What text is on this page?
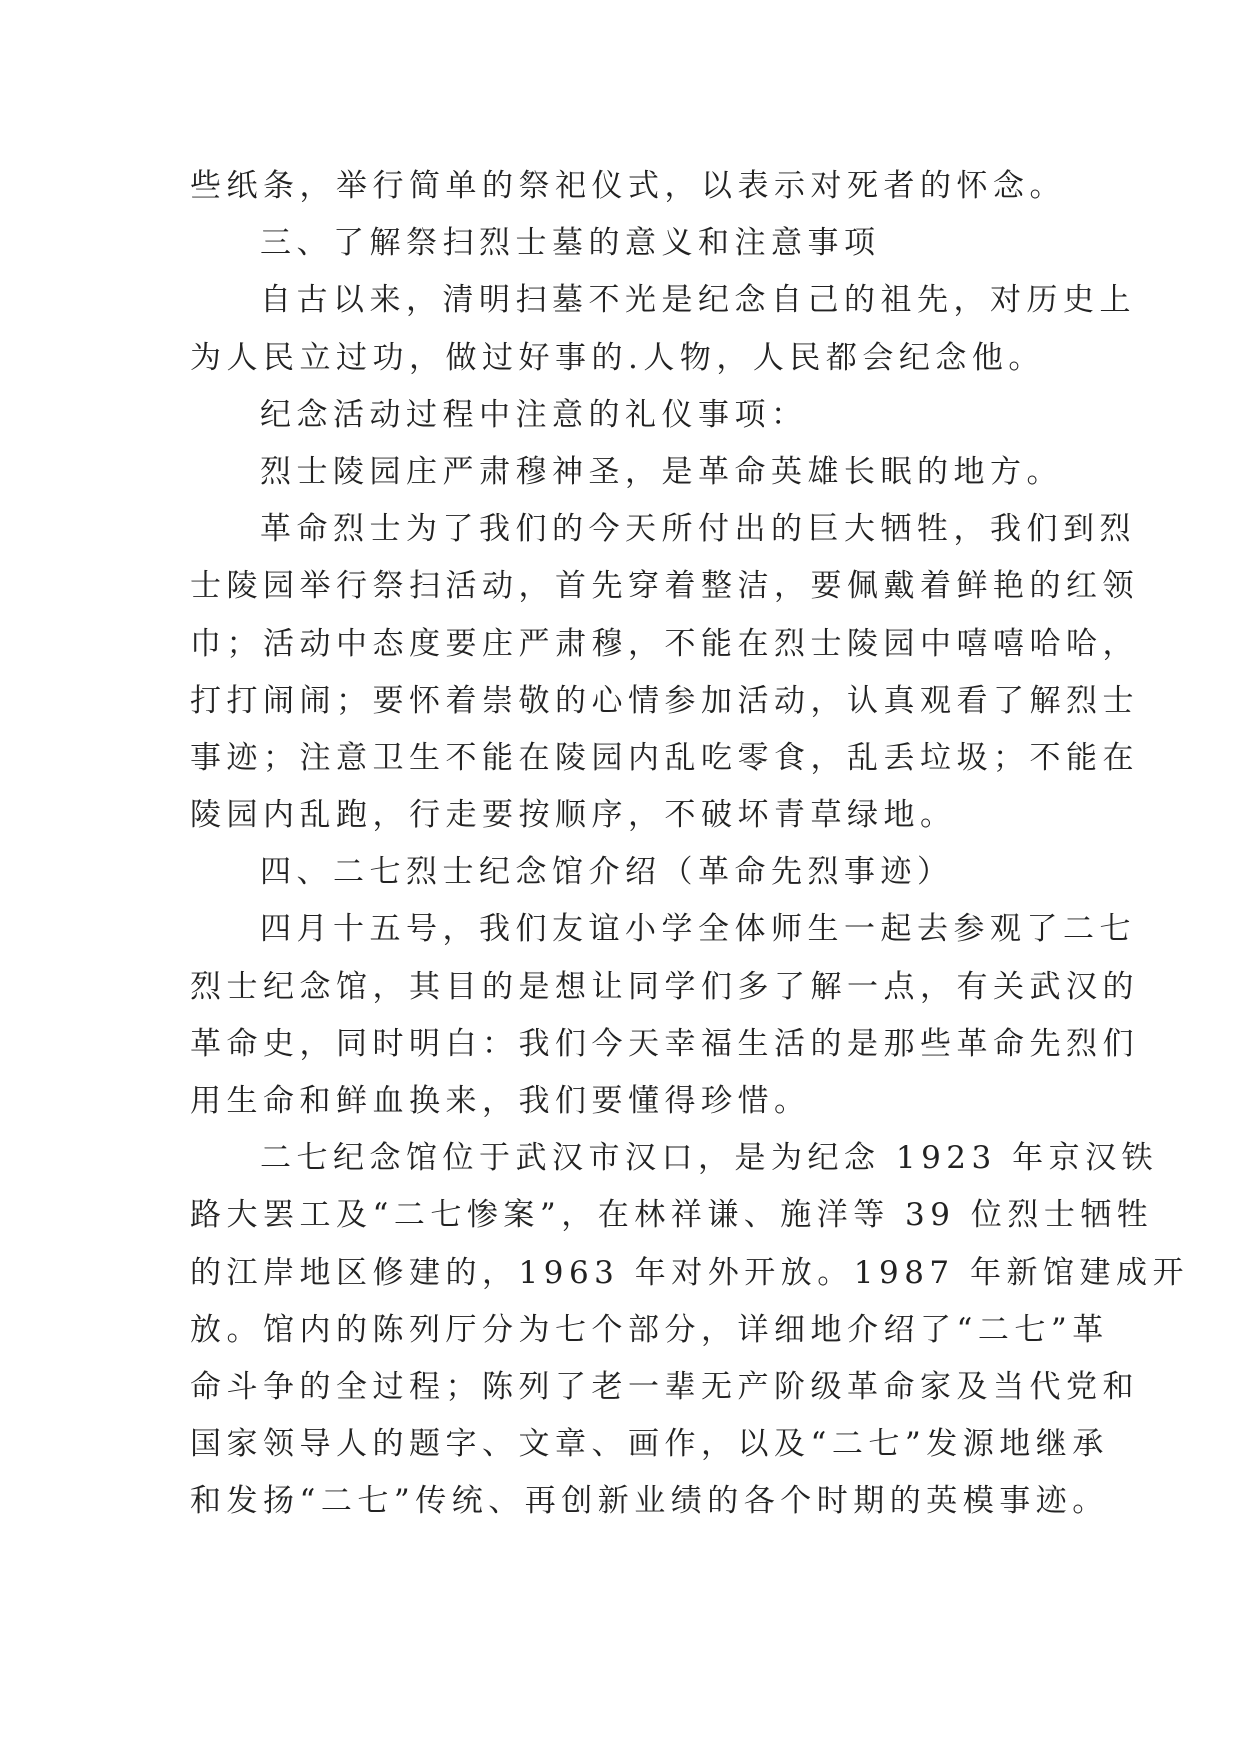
些纸条，举行简单的祭祀仪式，以表示对死者的怀念。
三、了解祭扫烈士墓的意义和注意事项
自古以来，清明扫墓不光是纪念自己的祖先，对历史上
为人民立过功，做过好事的.人物，人民都会纪念他。
纪念活动过程中注意的礼仪事项：
烈士陵园庄严肃穆神圣，是革命英雄长眠的地方。
革命烈士为了我们的今天所付出的巨大牺牲，我们到烈
士陵园举行祭扫活动，首先穿着整洁，要佩戴着鲜艳的红领
巾；活动中态度要庄严肃穆，不能在烈士陵园中嘻嘻哈哈，
打打闹闹；要怀着崇敬的心情参加活动，认真观看了解烈士
事迹；注意卫生不能在陵园内乱吃零食，乱丢垃圾；不能在
陵园内乱跑，行走要按顺序，不破坏青草绿地。
四、二七烈士纪念馆介绍（革命先烈事迹）
四月十五号，我们友谊小学全体师生一起去参观了二七
烈士纪念馆，其目的是想让同学们多了解一点，有关武汉的
革命史，同时明白：我们今天幸福生活的是那些革命先烈们
用生命和鲜血换来，我们要懂得珍惜。
二七纪念馆位于武汉市汉口，是为纪念 1923 年京汉铁
路大罢工及“二七惨案”，在林祥谦、施洋等 39 位烈士牺牲
的江岸地区修建的，1963 年对外开放。1987 年新馆建成开
放。馆内的陈列厅分为七个部分，详细地介绍了“二七”革
命斗争的全过程；陈列了老一辈无产阶级革命家及当代党和
国家领导人的题字、文章、画作，以及“二七”发源地继承
和发扬“二七”传统、再创新业绩的各个时期的英模事迹。
